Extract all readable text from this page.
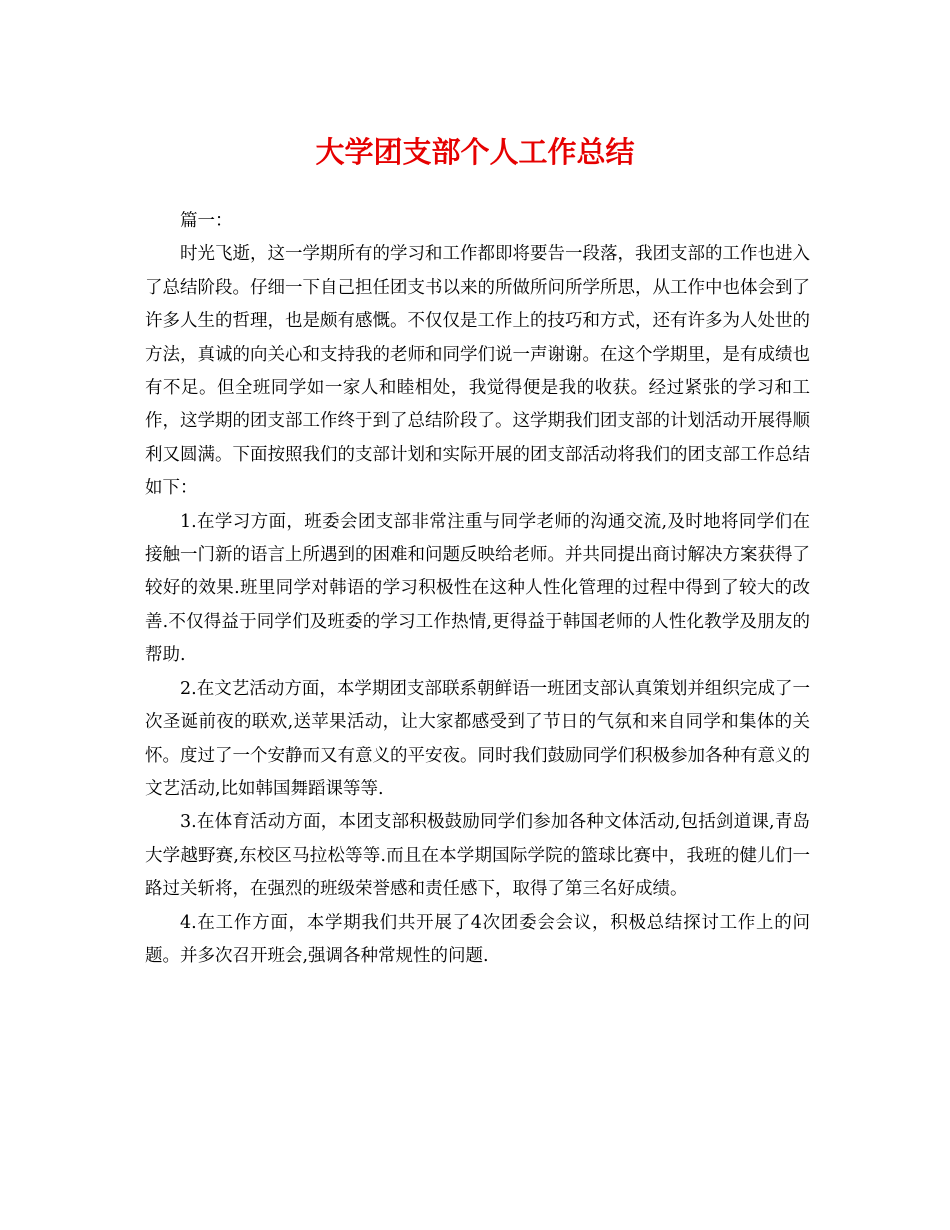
大学团支部个人工作总结

篇一：

时光飞逝，这一学期所有的学习和工作都即将要告一段落，我团支部的工作也进入了总结阶段。仔细一下自己担任团支书以来的所做所问所学所思，从工作中也体会到了许多人生的哲理，也是颇有感慨。不仅仅是工作上的技巧和方式，还有许多为人处世的方法，真诚的向关心和支持我的老师和同学们说一声谢谢。在这个学期里，是有成绩也有不足。但全班同学如一家人和睦相处，我觉得便是我的收获。经过紧张的学习和工作，这学期的团支部工作终于到了总结阶段了。这学期我们团支部的计划活动开展得顺利又圆满。下面按照我们的支部计划和实际开展的团支部活动将我们的团支部工作总结如下：

1.在学习方面，班委会团支部非常注重与同学老师的沟通交流,及时地将同学们在接触一门新的语言上所遇到的困难和问题反映给老师。并共同提出商讨解决方案获得了较好的效果.班里同学对韩语的学习积极性在这种人性化管理的过程中得到了较大的改善.不仅得益于同学们及班委的学习工作热情,更得益于韩国老师的人性化教学及朋友的帮助.

2.在文艺活动方面，本学期团支部联系朝鲜语一班团支部认真策划并组织完成了一次圣诞前夜的联欢,送苹果活动，让大家都感受到了节日的气氛和来自同学和集体的关怀。度过了一个安静而又有意义的平安夜。同时我们鼓励同学们积极参加各种有意义的文艺活动,比如韩国舞蹈课等等.

3.在体育活动方面，本团支部积极鼓励同学们参加各种文体活动,包括剑道课,青岛大学越野赛,东校区马拉松等等.而且在本学期国际学院的篮球比赛中，我班的健儿们一路过关斩将，在强烈的班级荣誉感和责任感下，取得了第三名好成绩。

4.在工作方面，本学期我们共开展了4次团委会会议，积极总结探讨工作上的问题。并多次召开班会,强调各种常规性的问题.
